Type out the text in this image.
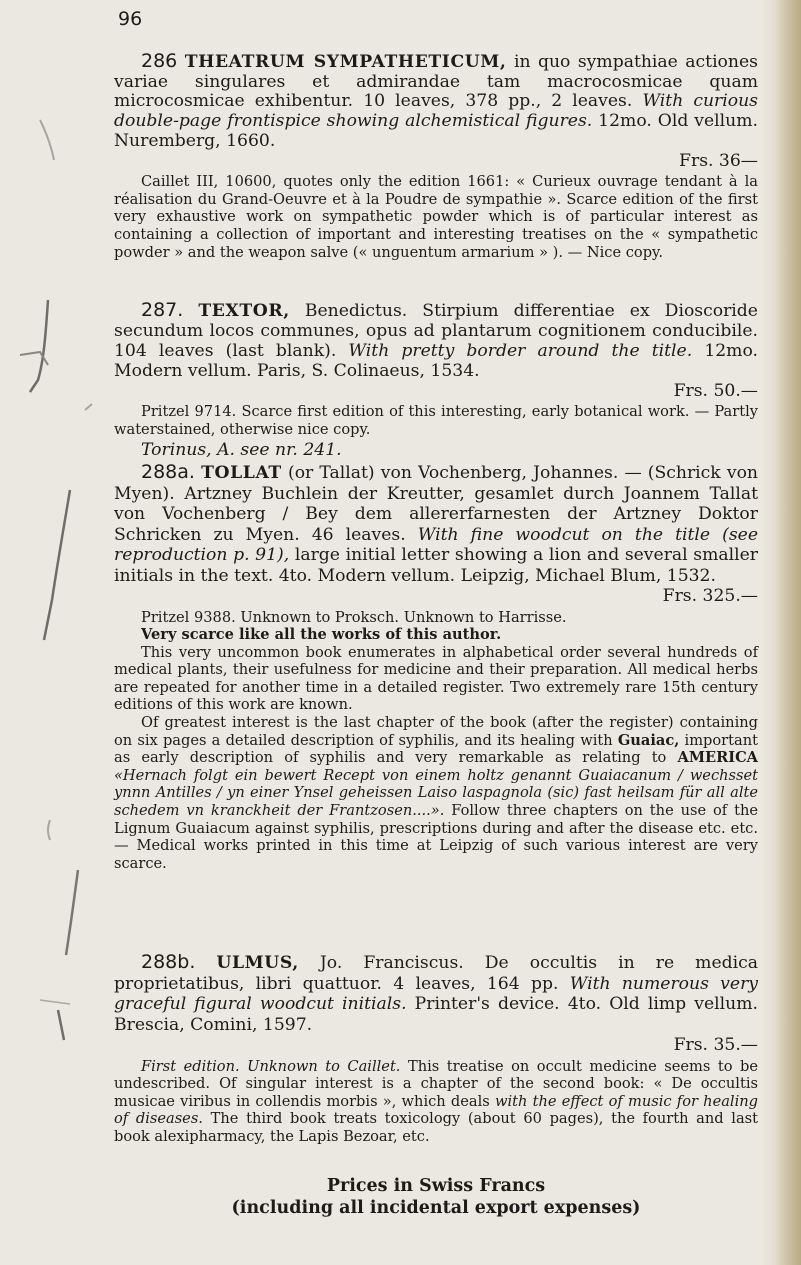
96

286 THEATRUM SYMPATHETICUM, in quo sympathiae actiones variae singulares et admirandae tam macrocosmicae quam microcosmicae exhibentur. 10 leaves, 378 pp., 2 leaves. With curious double-page frontispice showing alchemistical figures. 12mo. Old vellum. Nuremberg, 1660.
Frs. 36—

Caillet III, 10600, quotes only the edition 1661: « Curieux ouvrage tendant à la réalisation du Grand-Oeuvre et à la Poudre de sympathie ». Scarce edition of the first very exhaustive work on sympathetic powder which is of particular interest as containing a collection of important and interesting treatises on the « sympathetic powder » and the weapon salve (« unguentum armarium » ). — Nice copy.

287. TEXTOR, Benedictus. Stirpium differentiae ex Dioscoride secundum locos communes, opus ad plantarum cognitionem conducibile. 104 leaves (last blank). With pretty border around the title. 12mo. Modern vellum. Paris, S. Colinaeus, 1534.
Frs. 50.—

Pritzel 9714. Scarce first edition of this interesting, early botanical work. — Partly waterstained, otherwise nice copy.

Torinus, A. see nr. 241.

288a. TOLLAT (or Tallat) von Vochenberg, Johannes. — (Schrick von Myen). Artzney Buchlein der Kreutter, gesamlet durch Joannem Tallat von Vochenberg / Bey dem allererfarnesten der Artzney Doktor Schricken zu Myen. 46 leaves. With fine woodcut on the title (see reproduction p. 91), large initial letter showing a lion and several smaller initials in the text. 4to. Modern vellum. Leipzig, Michael Blum, 1532.
Frs. 325.—

Pritzel 9388. Unknown to Proksch. Unknown to Harrisse.

Very scarce like all the works of this author.

This very uncommon book enumerates in alphabetical order several hundreds of medical plants, their usefulness for medicine and their preparation. All medical herbs are repeated for another time in a detailed register. Two extremely rare 15th century editions of this work are known.

Of greatest interest is the last chapter of the book (after the register) containing on six pages a detailed description of syphilis, and its healing with Guaiac, important as early description of syphilis and very remarkable as relating to AMERICA «Hernach folgt ein bewert Recept von einem holtz genannt Guaiacanum / wechsset ynnn Antilles / yn einer Ynsel geheissen Laiso laspagnola (sic) fast heilsam für all alte schedem vn kranckheit der Frantzosen....». Follow three chapters on the use of the Lignum Guaiacum against syphilis, prescriptions during and after the disease etc. etc. — Medical works printed in this time at Leipzig of such various interest are very scarce.

288b. ULMUS, Jo. Franciscus. De occultis in re medica proprietatibus, libri quattuor. 4 leaves, 164 pp. With numerous very graceful figural woodcut initials. Printer's device. 4to. Old limp vellum. Brescia, Comini, 1597.
Frs. 35.—

First edition. Unknown to Caillet. This treatise on occult medicine seems to be undescribed. Of singular interest is a chapter of the second book: « De occultis musicae viribus in collendis morbis », which deals with the effect of music for healing of diseases. The third book treats toxicology (about 60 pages), the fourth and last book alexipharmacy, the Lapis Bezoar, etc.

Prices in Swiss Francs
(including all incidental export expenses)
